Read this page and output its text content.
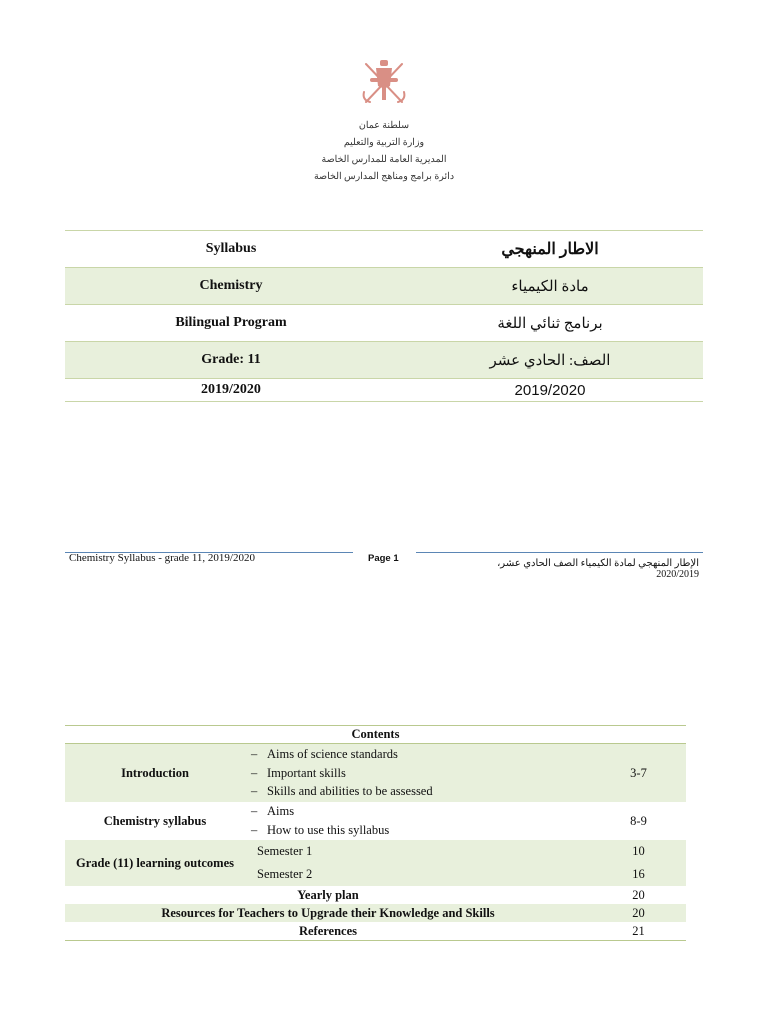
سلطنة عمان
وزارة التربية والتعليم
المديرية العامة للمدارس الخاصة
دائرة برامج ومناهج المدارس الخاصة
Syllabus	الاطار المنهجي
Chemistry	مادة الكيمياء
Bilingual Program	برنامج ثنائي اللغة
Grade: 11	الصف: الحادي عشر
2019/2020	2019/2020
Chemistry Syllabus - grade 11, 2019/2020	Page 1	الإطار المنهجي لمادة الكيمياء الصف الحادي عشر، 2020/2019
Contents		
Introduction	– Aims of science standards
– Important skills
– Skills and abilities to be assessed	3-7
Chemistry syllabus	– Aims
– How to use this syllabus	8-9
Grade (11) learning outcomes	Semester 1	10
	Semester 2	16
Yearly plan		20
Resources for Teachers to Upgrade their Knowledge and Skills		20
References		21
